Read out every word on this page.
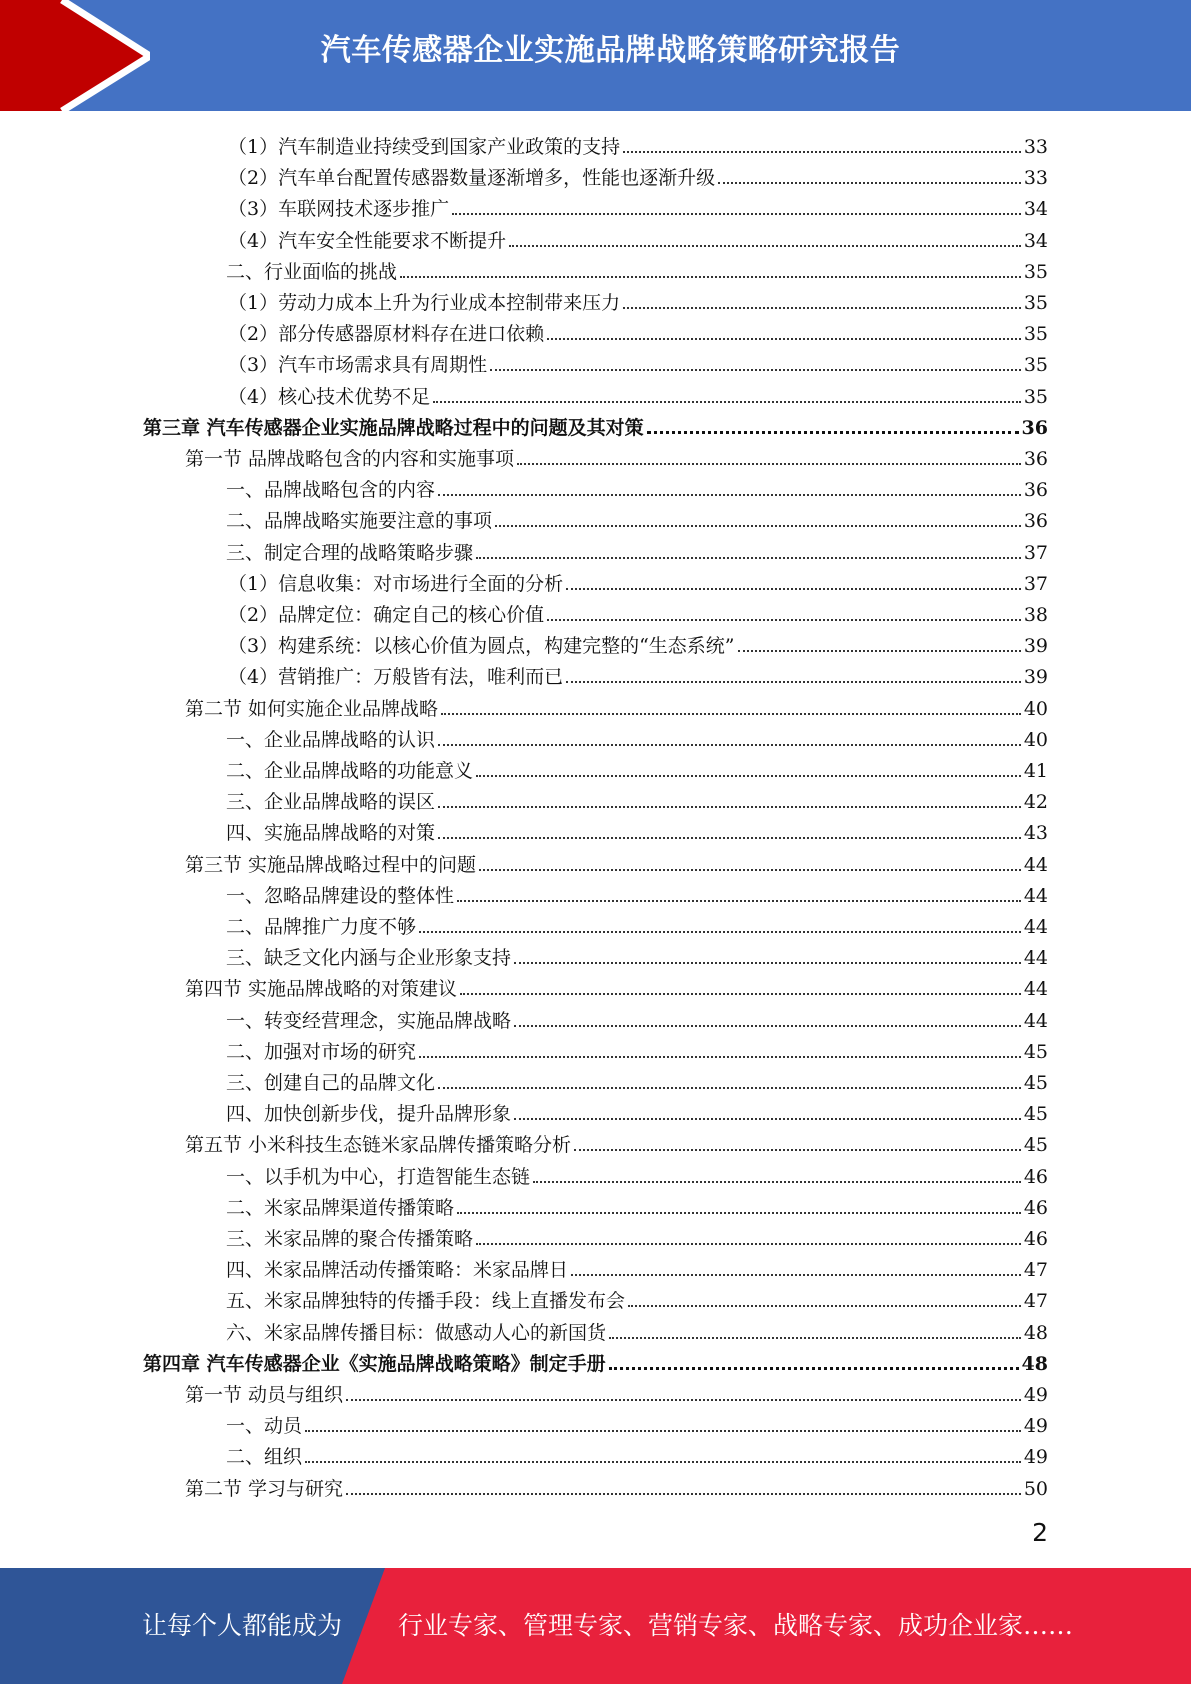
汽车传感器企业实施品牌战略策略研究报告
（1）汽车制造业持续受到国家产业政策的支持	33
（2）汽车单台配置传感器数量逐渐增多，性能也逐渐升级	33
（3）车联网技术逐步推广	34
（4）汽车安全性能要求不断提升	34
二、行业面临的挑战	35
（1）劳动力成本上升为行业成本控制带来压力	35
（2）部分传感器原材料存在进口依赖	35
（3）汽车市场需求具有周期性	35
（4）核心技术优势不足	35
第三章 汽车传感器企业实施品牌战略过程中的问题及其对策	36
第一节 品牌战略包含的内容和实施事项	36
一、品牌战略包含的内容	36
二、品牌战略实施要注意的事项	36
三、制定合理的战略策略步骤	37
（1）信息收集：对市场进行全面的分析	37
（2）品牌定位：确定自己的核心价值	38
（3）构建系统：以核心价值为圆点，构建完整的“生态系统”	39
（4）营销推广：万般皆有法，唯利而已	39
第二节 如何实施企业品牌战略	40
一、企业品牌战略的认识	40
二、企业品牌战略的功能意义	41
三、企业品牌战略的误区	42
四、实施品牌战略的对策	43
第三节 实施品牌战略过程中的问题	44
一、忽略品牌建设的整体性	44
二、品牌推广力度不够	44
三、缺乏文化内涵与企业形象支持	44
第四节 实施品牌战略的对策建议	44
一、转变经营理念，实施品牌战略	44
二、加强对市场的研究	45
三、创建自己的品牌文化	45
四、加快创新步伐，提升品牌形象	45
第五节 小米科技生态链米家品牌传播策略分析	45
一、以手机为中心，打造智能生态链	46
二、米家品牌渠道传播策略	46
三、米家品牌的聚合传播策略	46
四、米家品牌活动传播策略：米家品牌日	47
五、米家品牌独特的传播手段：线上直播发布会	47
六、米家品牌传播目标：做感动人心的新国货	48
第四章 汽车传感器企业《实施品牌战略策略》制定手册	48
第一节 动员与组织	49
一、动员	49
二、组织	49
第二节 学习与研究	50
2
让每个人都能成为 行业专家、管理专家、营销专家、战略专家、成功企业家……
